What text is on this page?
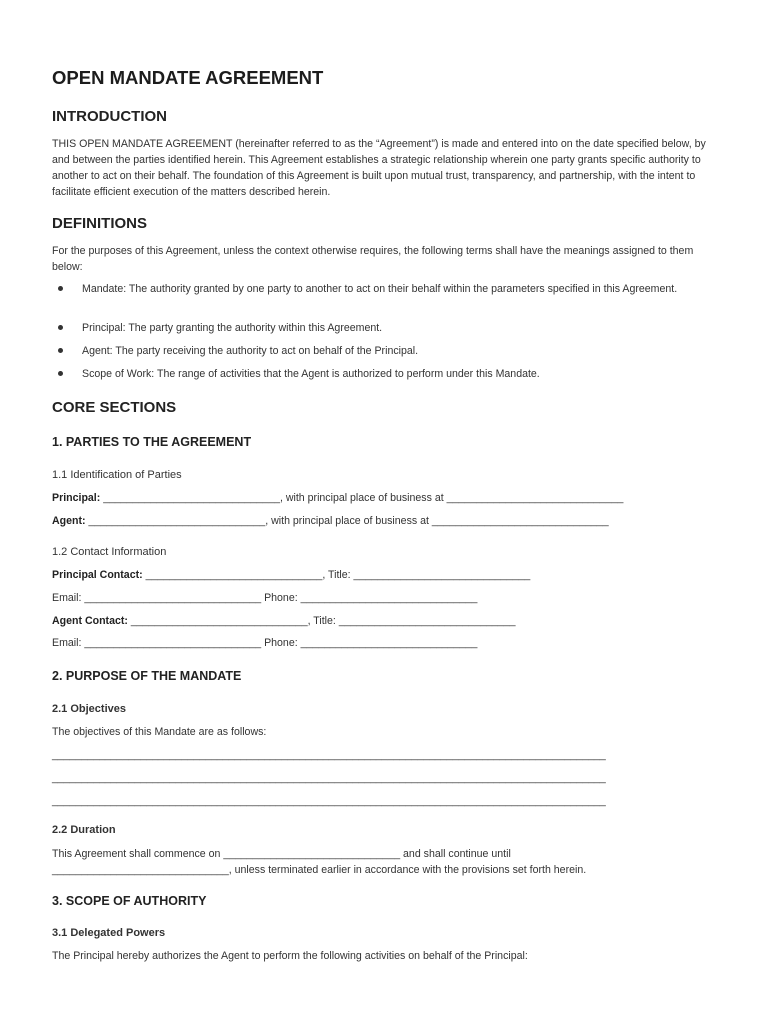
OPEN MANDATE AGREEMENT
INTRODUCTION

THIS OPEN MANDATE AGREEMENT (hereinafter referred to as the “Agreement”) is made and entered into on the date specified below, by and between the parties identified herein. This Agreement establishes a strategic relationship wherein one party grants specific authority to another to act on their behalf. The foundation of this Agreement is built upon mutual trust, transparency, and partnership, with the intent to facilitate efficient execution of the matters described herein.

DEFINITIONS

For the purposes of this Agreement, unless the context otherwise requires, the following terms shall have the meanings assigned to them below:

Mandate: The authority granted by one party to another to act on their behalf within the parameters specified in this Agreement.
Principal: The party granting the authority within this Agreement.
Agent: The party receiving the authority to act on behalf of the Principal.
Scope of Work: The range of activities that the Agent is authorized to perform under this Mandate.
CORE SECTIONS
1. PARTIES TO THE AGREEMENT
1.1 Identification of Parties
Principal: ______________________________, with principal place of business at ______________________________
Agent: ______________________________, with principal place of business at ______________________________
1.2 Contact Information
Principal Contact: ______________________________, Title: ______________________________
Email: ______________________________ Phone: ______________________________
Agent Contact: ______________________________, Title: ______________________________
Email: ______________________________ Phone: ______________________________
2. PURPOSE OF THE MANDATE
2.1 Objectives
The objectives of this Mandate are as follows:
______________________________________________________________________________________________
______________________________________________________________________________________________
______________________________________________________________________________________________
2.2 Duration

This Agreement shall commence on ______________________________ and shall continue until ______________________________, unless terminated earlier in accordance with the provisions set forth herein.

3. SCOPE OF AUTHORITY
3.1 Delegated Powers
The Principal hereby authorizes the Agent to perform the following activities on behalf of the Principal:
